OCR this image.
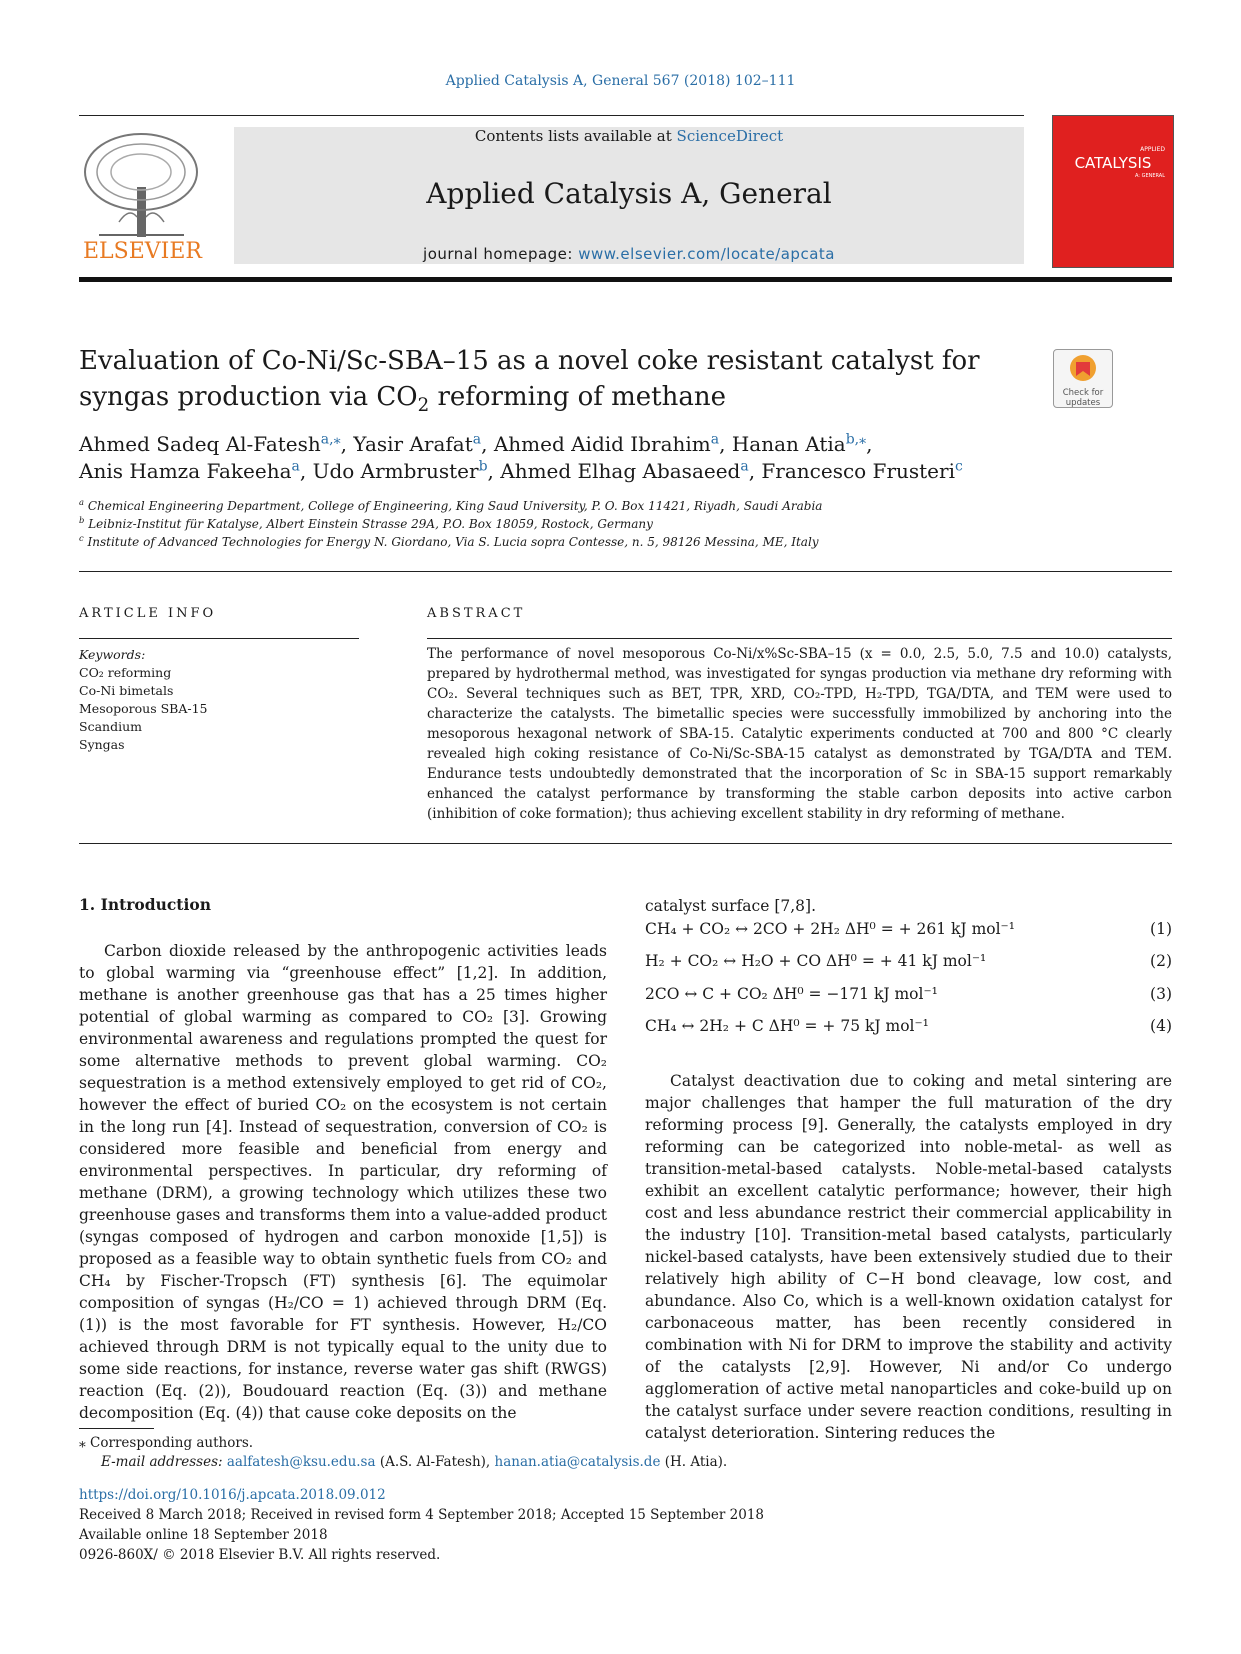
Applied Catalysis A, General 567 (2018) 102–111
ELSEVIER
Contents lists available at ScienceDirect
Applied Catalysis A, General
journal homepage: www.elsevier.com/locate/apcata
APPLIED
CATALYSIS
A: GENERAL
Evaluation of Co-Ni/Sc-SBA–15 as a novel coke resistant catalyst for syngas production via $CO_2$ reforming of methane	Check for
updates
Ahmed Sadeq Al-Fatesh$^{a,⁎}$, Yasir Arafat$^a$, Ahmed Aidid Ibrahim$^a$, Hanan Atia$^{b,⁎}$,
Anis Hamza Fakeeha$^a$, Udo Armbruster$^b$, Ahmed Elhag Abasaeed$^a$, Francesco Frusteri$^c$
$^a$ Chemical Engineering Department, College of Engineering, King Saud University, P. O. Box 11421, Riyadh, Saudi Arabia
$^b$ Leibniz-Institut für Katalyse, Albert Einstein Strasse 29A, P.O. Box 18059, Rostock, Germany
$^c$ Institute of Advanced Technologies for Energy N. Giordano, Via S. Lucia sopra Contesse, n. 5, 98126 Messina, ME, Italy
ARTICLE INFO
Keywords:
CO₂ reforming
Co-Ni bimetals
Mesoporous SBA-15
Scandium
Syngas
ABSTRACT
The performance of novel mesoporous Co-Ni/x%Sc-SBA–15 (x = 0.0, 2.5, 5.0, 7.5 and 10.0) catalysts, prepared by hydrothermal method, was investigated for syngas production via methane dry reforming with CO₂. Several techniques such as BET, TPR, XRD, CO₂-TPD, H₂-TPD, TGA/DTA, and TEM were used to characterize the catalysts. The bimetallic species were successfully immobilized by anchoring into the mesoporous hexagonal network of SBA-15. Catalytic experiments conducted at 700 and 800 °C clearly revealed high coking resistance of Co-Ni/Sc-SBA-15 catalyst as demonstrated by TGA/DTA and TEM. Endurance tests undoubtedly demonstrated that the incorporation of Sc in SBA-15 support remarkably enhanced the catalyst performance by transforming the stable carbon deposits into active carbon (inhibition of coke formation); thus achieving excellent stability in dry reforming of methane.
1. Introduction

Carbon dioxide released by the anthropogenic activities leads to global warming via “greenhouse effect” [1,2]. In addition, methane is another greenhouse gas that has a 25 times higher potential of global warming as compared to CO₂ [3]. Growing environmental awareness and regulations prompted the quest for some alternative methods to prevent global warming. CO₂ sequestration is a method extensively employed to get rid of CO₂, however the effect of buried CO₂ on the ecosystem is not certain in the long run [4]. Instead of sequestration, conversion of CO₂ is considered more feasible and beneficial from energy and environmental perspectives. In particular, dry reforming of methane (DRM), a growing technology which utilizes these two greenhouse gases and transforms them into a value-added product (syngas composed of hydrogen and carbon monoxide [1,5]) is proposed as a feasible way to obtain synthetic fuels from CO₂ and CH₄ by Fischer-Tropsch (FT) synthesis [6]. The equimolar composition of syngas (H₂/CO = 1) achieved through DRM (Eq. (1)) is the most favorable for FT synthesis. However, H₂/CO achieved through DRM is not typically equal to the unity due to some side reactions, for instance, reverse water gas shift (RWGS) reaction (Eq. (2)), Boudouard reaction (Eq. (3)) and methane decomposition (Eq. (4)) that cause coke deposits on the

catalyst surface [7,8].
CH₄ + CO₂ ↔ 2CO + 2H₂ ΔH⁰ = + 261 kJ mol⁻¹	(1)
H₂ + CO₂ ↔ H₂O + CO ΔH⁰ = + 41 kJ mol⁻¹	(2)
2CO ↔ C + CO₂ ΔH⁰ = −171 kJ mol⁻¹	(3)
CH₄ ↔ 2H₂ + C ΔH⁰ = + 75 kJ mol⁻¹	(4)

Catalyst deactivation due to coking and metal sintering are major challenges that hamper the full maturation of the dry reforming process [9]. Generally, the catalysts employed in dry reforming can be categorized into noble-metal- as well as transition-metal-based catalysts. Noble-metal-based catalysts exhibit an excellent catalytic performance; however, their high cost and less abundance restrict their commercial applicability in the industry [10]. Transition-metal based catalysts, particularly nickel-based catalysts, have been extensively studied due to their relatively high ability of C−H bond cleavage, low cost, and abundance. Also Co, which is a well-known oxidation catalyst for carbonaceous matter, has been recently considered in combination with Ni for DRM to improve the stability and activity of the catalysts [2,9]. However, Ni and/or Co undergo agglomeration of active metal nanoparticles and coke-build up on the catalyst surface under severe reaction conditions, resulting in catalyst deterioration. Sintering reduces the

⁎ Corresponding authors.
E-mail addresses: aalfatesh@ksu.edu.sa (A.S. Al-Fatesh), hanan.atia@catalysis.de (H. Atia).
https://doi.org/10.1016/j.apcata.2018.09.012
Received 8 March 2018; Received in revised form 4 September 2018; Accepted 15 September 2018
Available online 18 September 2018
0926-860X/ © 2018 Elsevier B.V. All rights reserved.
